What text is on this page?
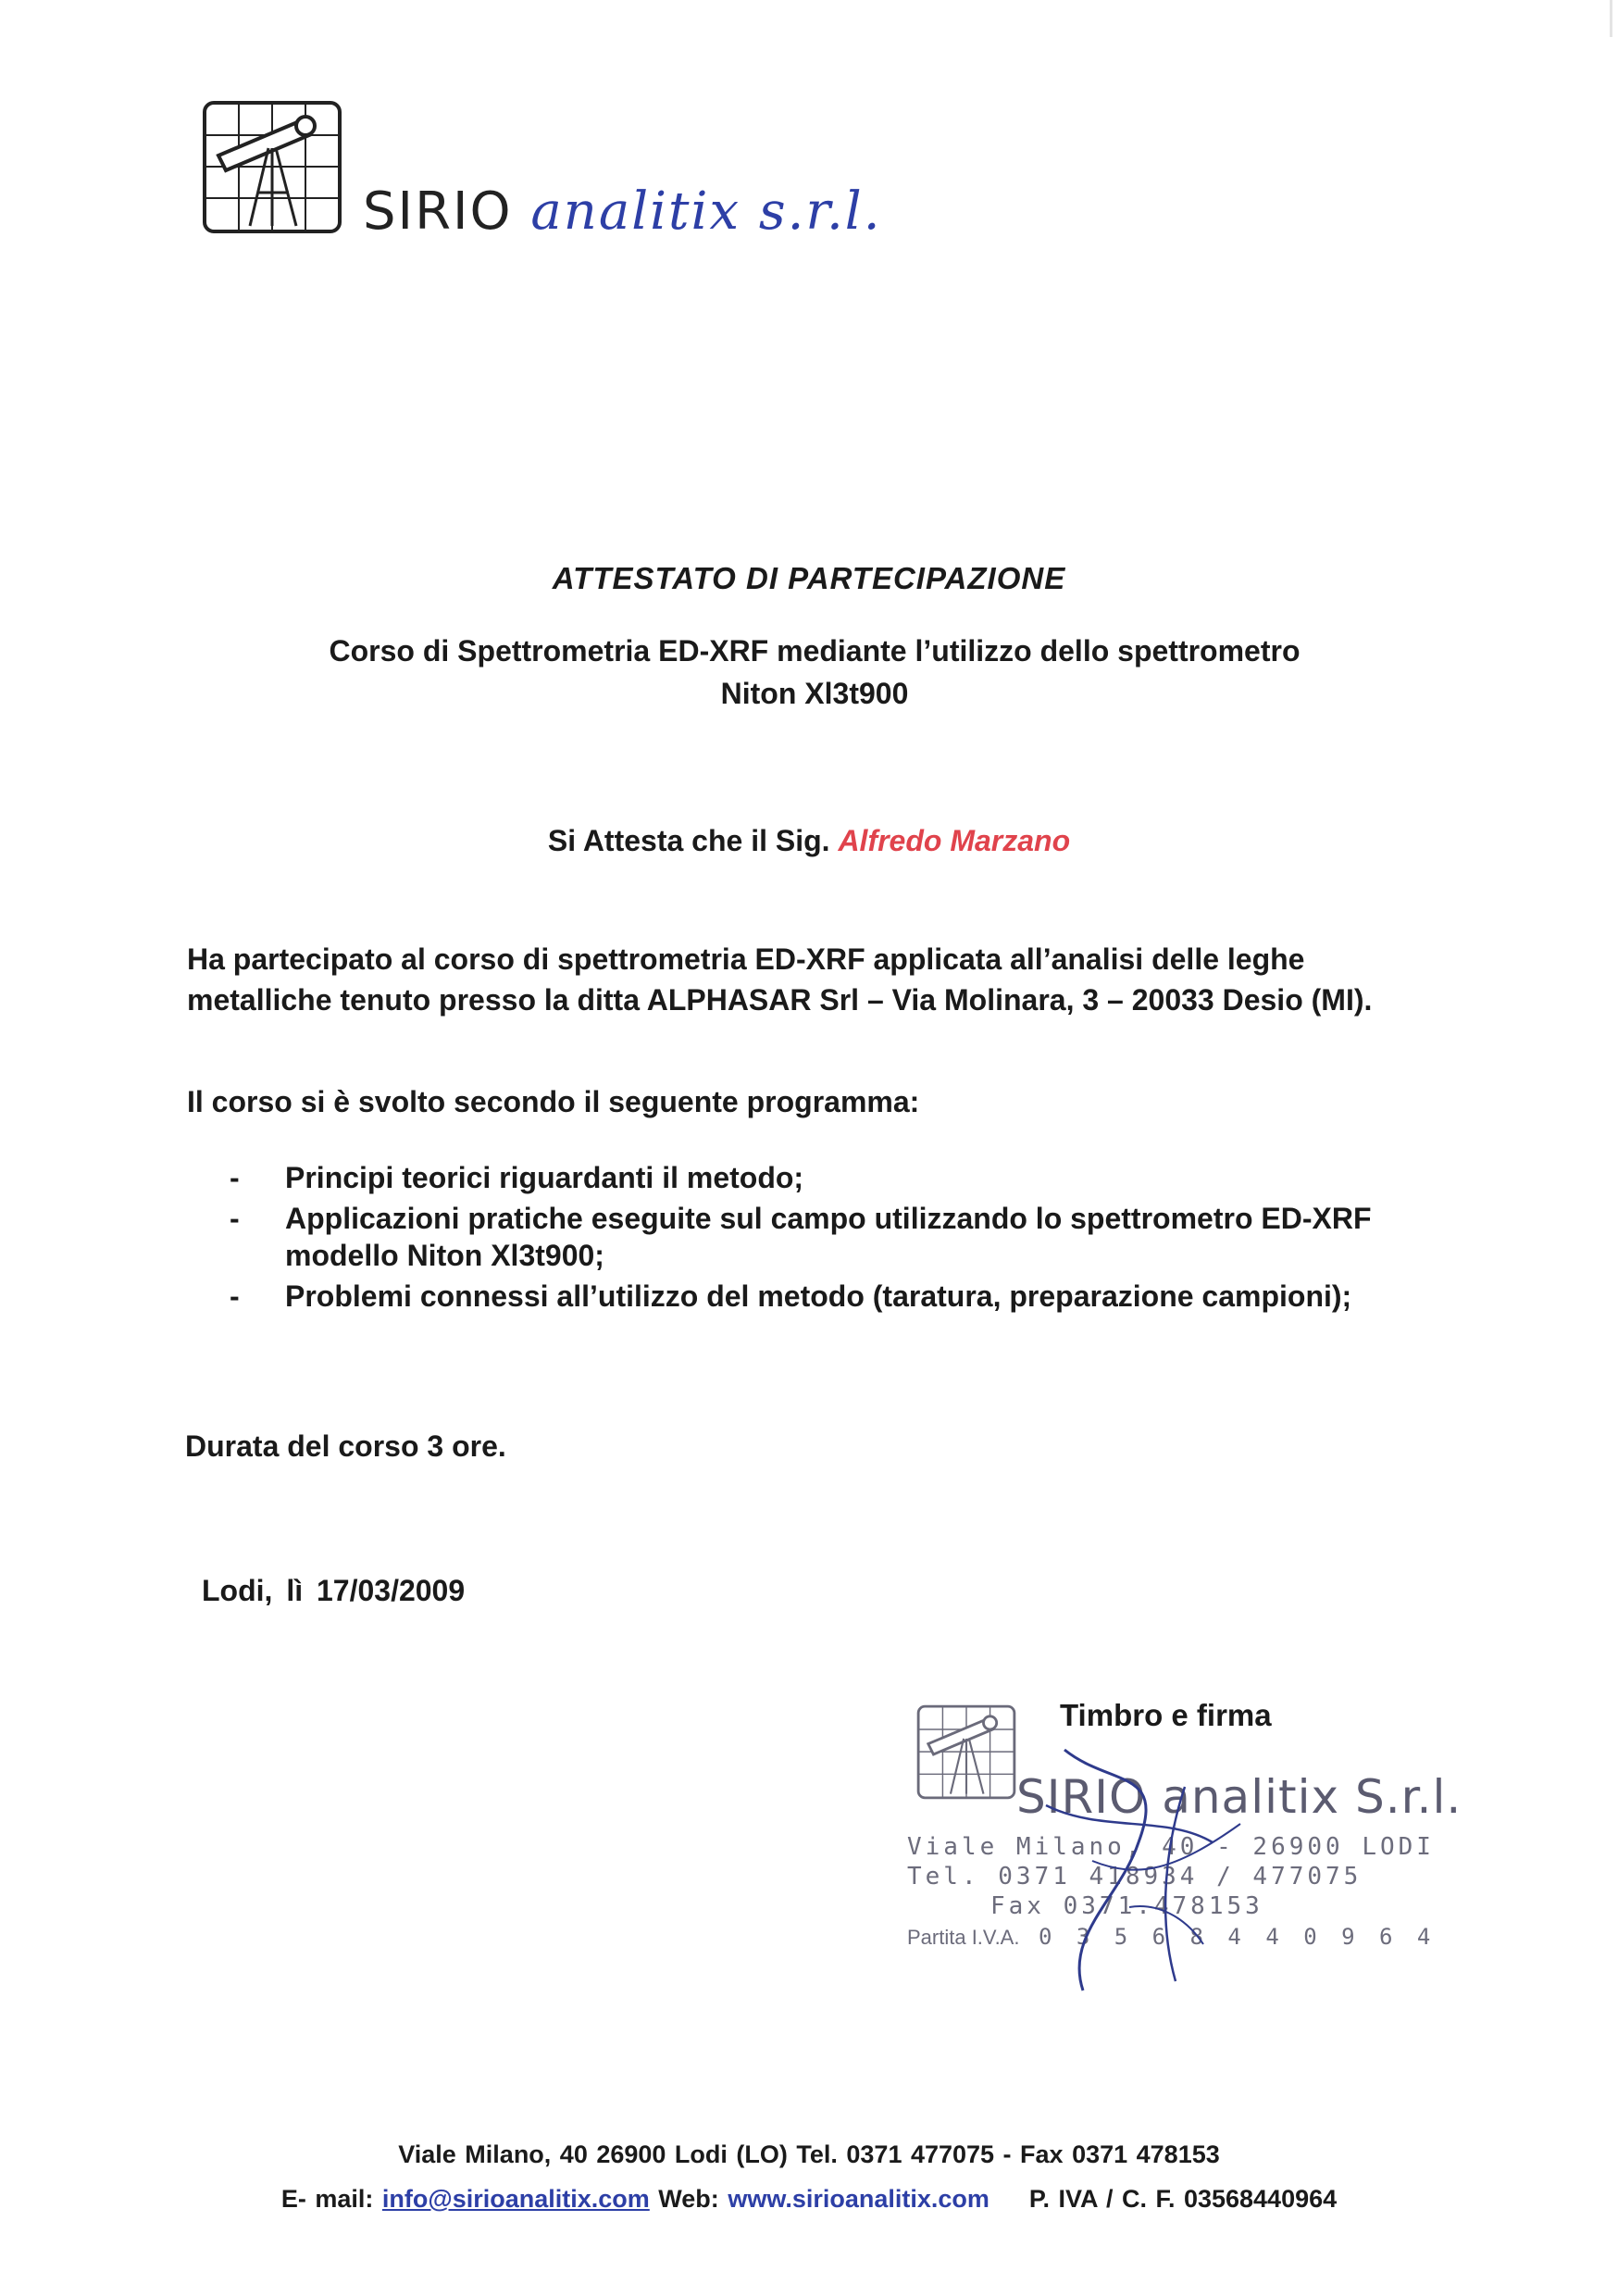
SIRIO analitix s.r.l.
ATTESTATO DI PARTECIPAZIONE
Corso di Spettrometria ED-XRF mediante l’utilizzo dello spettrometro
Niton Xl3t900
Si Attesta che il Sig. Alfredo Marzano
Ha partecipato al corso di spettrometria ED-XRF applicata all’analisi delle leghe metalliche tenuto presso la ditta ALPHASAR Srl – Via Molinara, 3 – 20033 Desio (MI).
Il corso si è svolto secondo il seguente programma:
- Principi teorici riguardanti il metodo;
- Applicazioni pratiche eseguite sul campo utilizzando lo spettrometro ED-XRF modello Niton Xl3t900;
- Problemi connessi all’utilizzo del metodo (taratura, preparazione campioni);
Durata del corso 3 ore.
Lodi, lì 17/03/2009
Timbro e firma
SIRIO analitix S.r.l.
Viale Milano, 40 - 26900 LODI
Tel. 0371 418934 / 477075
Fax 0371.478153
Partita I.V.A. 0 3 5 6 8 4 4 0 9 6 4
Viale Milano, 40 26900 Lodi (LO) Tel. 0371 477075 - Fax 0371 478153
E- mail: info@sirioanalitix.com Web: www.sirioanalitix.com P. IVA / C. F. 03568440964
